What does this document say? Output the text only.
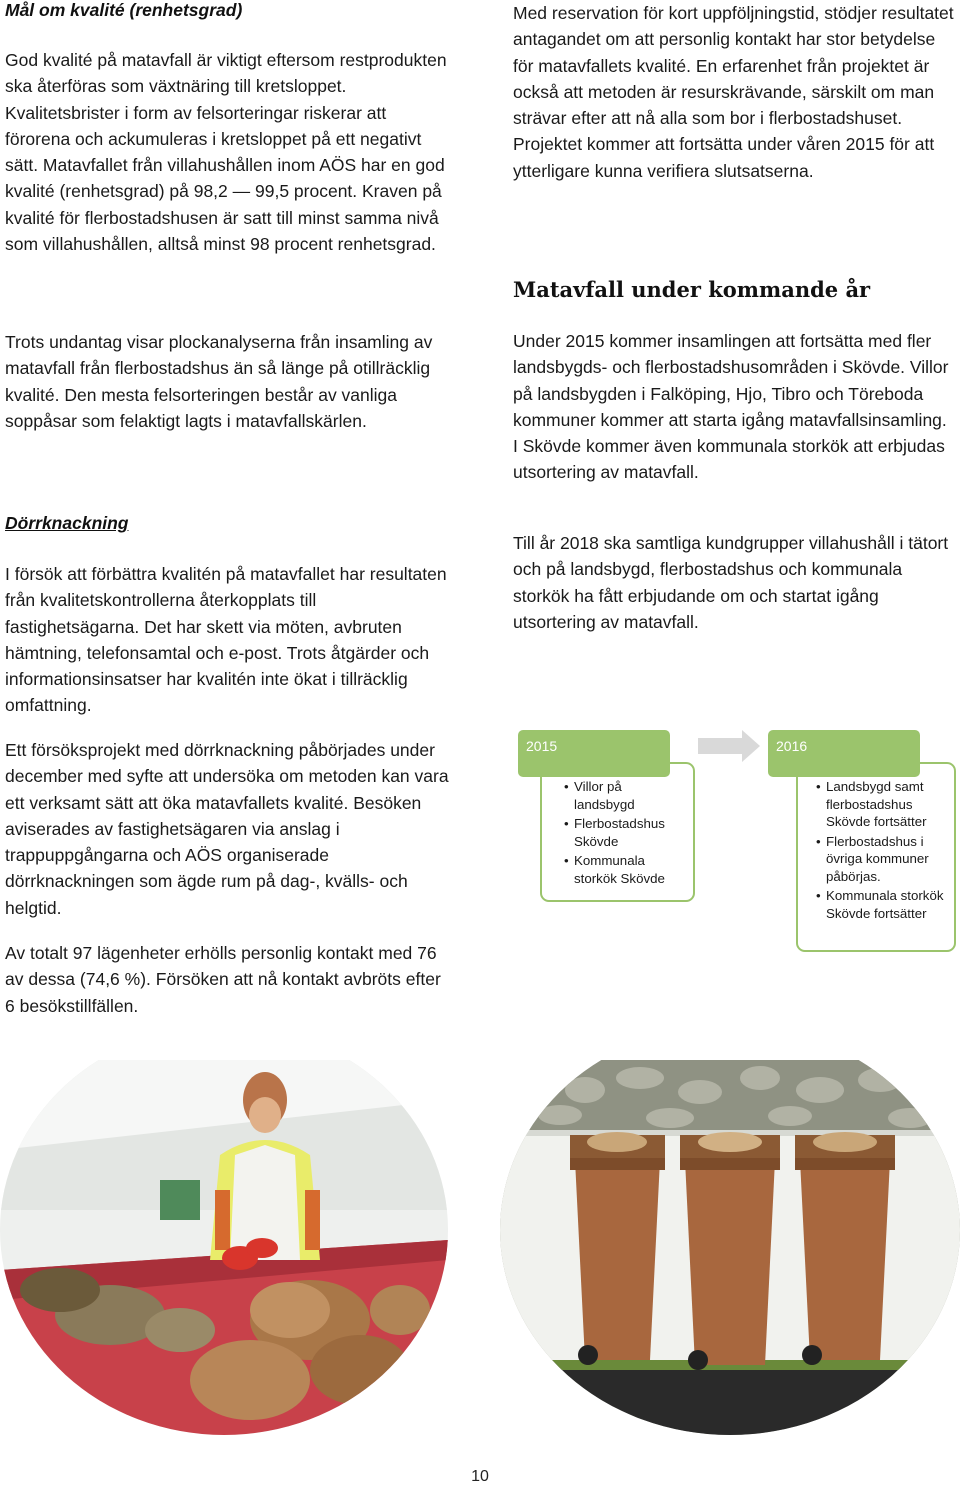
Mål om kvalité (renhetsgrad)

God kvalité på matavfall är viktigt eftersom restprodukten ska återföras som växtnäring till kretsloppet. Kvalitetsbrister i form av felsorteringar riskerar att förorena och ackumuleras i kretsloppet på ett negativt sätt. Matavfallet från villahushållen inom AÖS har en god kvalité (renhetsgrad) på 98,2 — 99,5 procent. Kraven på kvalité för flerbostadshusen är satt till minst samma nivå som villahushållen, alltså minst 98 procent renhetsgrad.

Trots undantag visar plockanalyserna från insamling av matavfall från flerbostadshus än så länge på otillräcklig kvalité. Den mesta felsorteringen består av vanliga soppåsar som felaktigt lagts i matavfallskärlen.

Dörrknackning

I försök att förbättra kvalitén på matavfallet har resultaten från kvalitetskontrollerna återkopplats till fastighetsägarna. Det har skett via möten, avbruten hämtning, telefonsamtal och e-post. Trots åtgärder och informationsinsatser har kvalitén inte ökat i tillräcklig omfattning.

Ett försöksprojekt med dörrknackning påbörjades under december med syfte att undersöka om metoden kan vara ett verksamt sätt att öka matavfallets kvalité. Besöken aviserades av fastighetsägaren via anslag i trappuppgångarna och AÖS organiserade dörrknackningen som ägde rum på dag-, kvälls- och helgtid.

Av totalt 97 lägenheter erhölls personlig kontakt med 76 av dessa (74,6 %). Försöken att nå kontakt avbröts efter 6 besökstillfällen.

Med reservation för kort uppföljningstid, stödjer resultatet antagandet om att personlig kontakt har stor betydelse för matavfallets kvalité. En erfarenhet från projektet är också att metoden är resurskrävande, särskilt om man strävar efter att nå alla som bor i flerbostadshuset. Projektet kommer att fortsätta under våren 2015 för att ytterligare kunna verifiera slutsatserna.

Matavfall under kommande år

Under 2015 kommer insamlingen att fortsätta med fler landsbygds- och flerbostadshusområden i Skövde. Villor på landsbygden i Falköping, Hjo, Tibro och Töreboda kommuner kommer att starta igång matavfallsinsamling. I Skövde kommer även kommunala storkök att erbjudas utsortering av matavfall.

Till år 2018 ska samtliga kundgrupper villahushåll i tätort och på landsbygd, flerbostadshus och kommunala storkök ha fått erbjudande om och startat igång utsortering av matavfall.

• Villor på landsbygd
• Flerbostadshus Skövde
• Kommunala storkök Skövde
2015
• Landsbygd samt flerbostadshus Skövde fortsätter
• Flerbostadshus i övriga kommuner påbörjas.
• Kommunala storkök Skövde fortsätter
2016
10
